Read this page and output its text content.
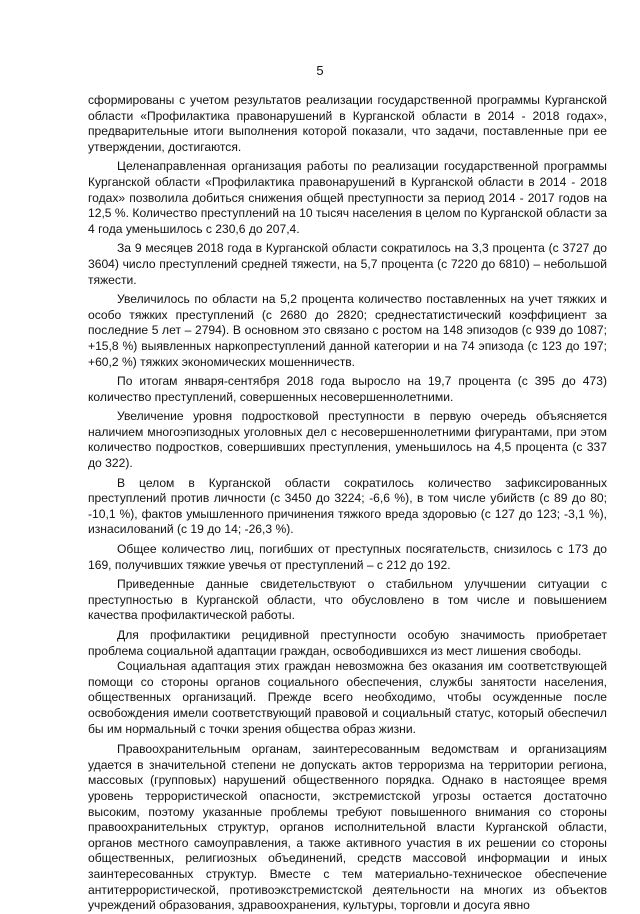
5

сформированы с учетом результатов реализации государственной программы Курганской области «Профилактика правонарушений в Курганской области в 2014 - 2018 годах», предварительные итоги выполнения которой показали, что задачи, поставленные при ее утверждении, достигаются.

Целенаправленная организация работы по реализации государственной программы Курганской области «Профилактика правонарушений в Курганской области в 2014 - 2018 годах» позволила добиться снижения общей преступности за период 2014 - 2017 годов на 12,5 %. Количество преступлений на 10 тысяч населения в целом по Курганской области за 4 года уменьшилось с 230,6 до 207,4.

За 9 месяцев 2018 года в Курганской области сократилось на 3,3 процента (с 3727 до 3604) число преступлений средней тяжести, на 5,7 процента (с 7220 до 6810) – небольшой тяжести.

Увеличилось по области на 5,2 процента количество поставленных на учет тяжких и особо тяжких преступлений (с 2680 до 2820; среднестатистический коэффициент за последние 5 лет – 2794). В основном это связано с ростом на 148 эпизодов (с 939 до 1087; +15,8 %) выявленных наркопреступлений данной категории и на 74 эпизода (с 123 до 197; +60,2 %) тяжких экономических мошенничеств.

По итогам января-сентября 2018 года выросло на 19,7 процента (с 395 до 473) количество преступлений, совершенных несовершеннолетними.

Увеличение уровня подростковой преступности в первую очередь объясняется наличием многоэпизодных уголовных дел с несовершеннолетними фигурантами, при этом количество подростков, совершивших преступления, уменьшилось на 4,5 процента (с 337 до 322).

В целом в Курганской области сократилось количество зафиксированных преступлений против личности (с 3450 до 3224; -6,6 %), в том числе убийств (с 89 до 80; -10,1 %), фактов умышленного причинения тяжкого вреда здоровью (с 127 до 123; -3,1 %), изнасилований (с 19 до 14; -26,3 %).

Общее количество лиц, погибших от преступных посягательств, снизилось с 173 до 169, получивших тяжкие увечья от преступлений – с 212 до 192.

Приведенные данные свидетельствуют о стабильном улучшении ситуации с преступностью в Курганской области, что обусловлено в том числе и повышением качества профилактической работы.

Для профилактики рецидивной преступности особую значимость приобретает проблема социальной адаптации граждан, освободившихся из мест лишения свободы.

Социальная адаптация этих граждан невозможна без оказания им соответствующей помощи со стороны органов социального обеспечения, службы занятости населения, общественных организаций. Прежде всего необходимо, чтобы осужденные после освобождения имели соответствующий правовой и социальный статус, который обеспечил бы им нормальный с точки зрения общества образ жизни.

Правоохранительным органам, заинтересованным ведомствам и организациям удается в значительной степени не допускать актов терроризма на территории региона, массовых (групповых) нарушений общественного порядка. Однако в настоящее время уровень террористической опасности, экстремистской угрозы остается достаточно высоким, поэтому указанные проблемы требуют повышенного внимания со стороны правоохранительных структур, органов исполнительной власти Курганской области, органов местного самоуправления, а также активного участия в их решении со стороны общественных, религиозных объединений, средств массовой информации и иных заинтересованных структур. Вместе с тем материально-техническое обеспечение антитеррористической, противоэкстремистской деятельности на многих из объектов учреждений образования, здравоохранения, культуры, торговли и досуга явно
